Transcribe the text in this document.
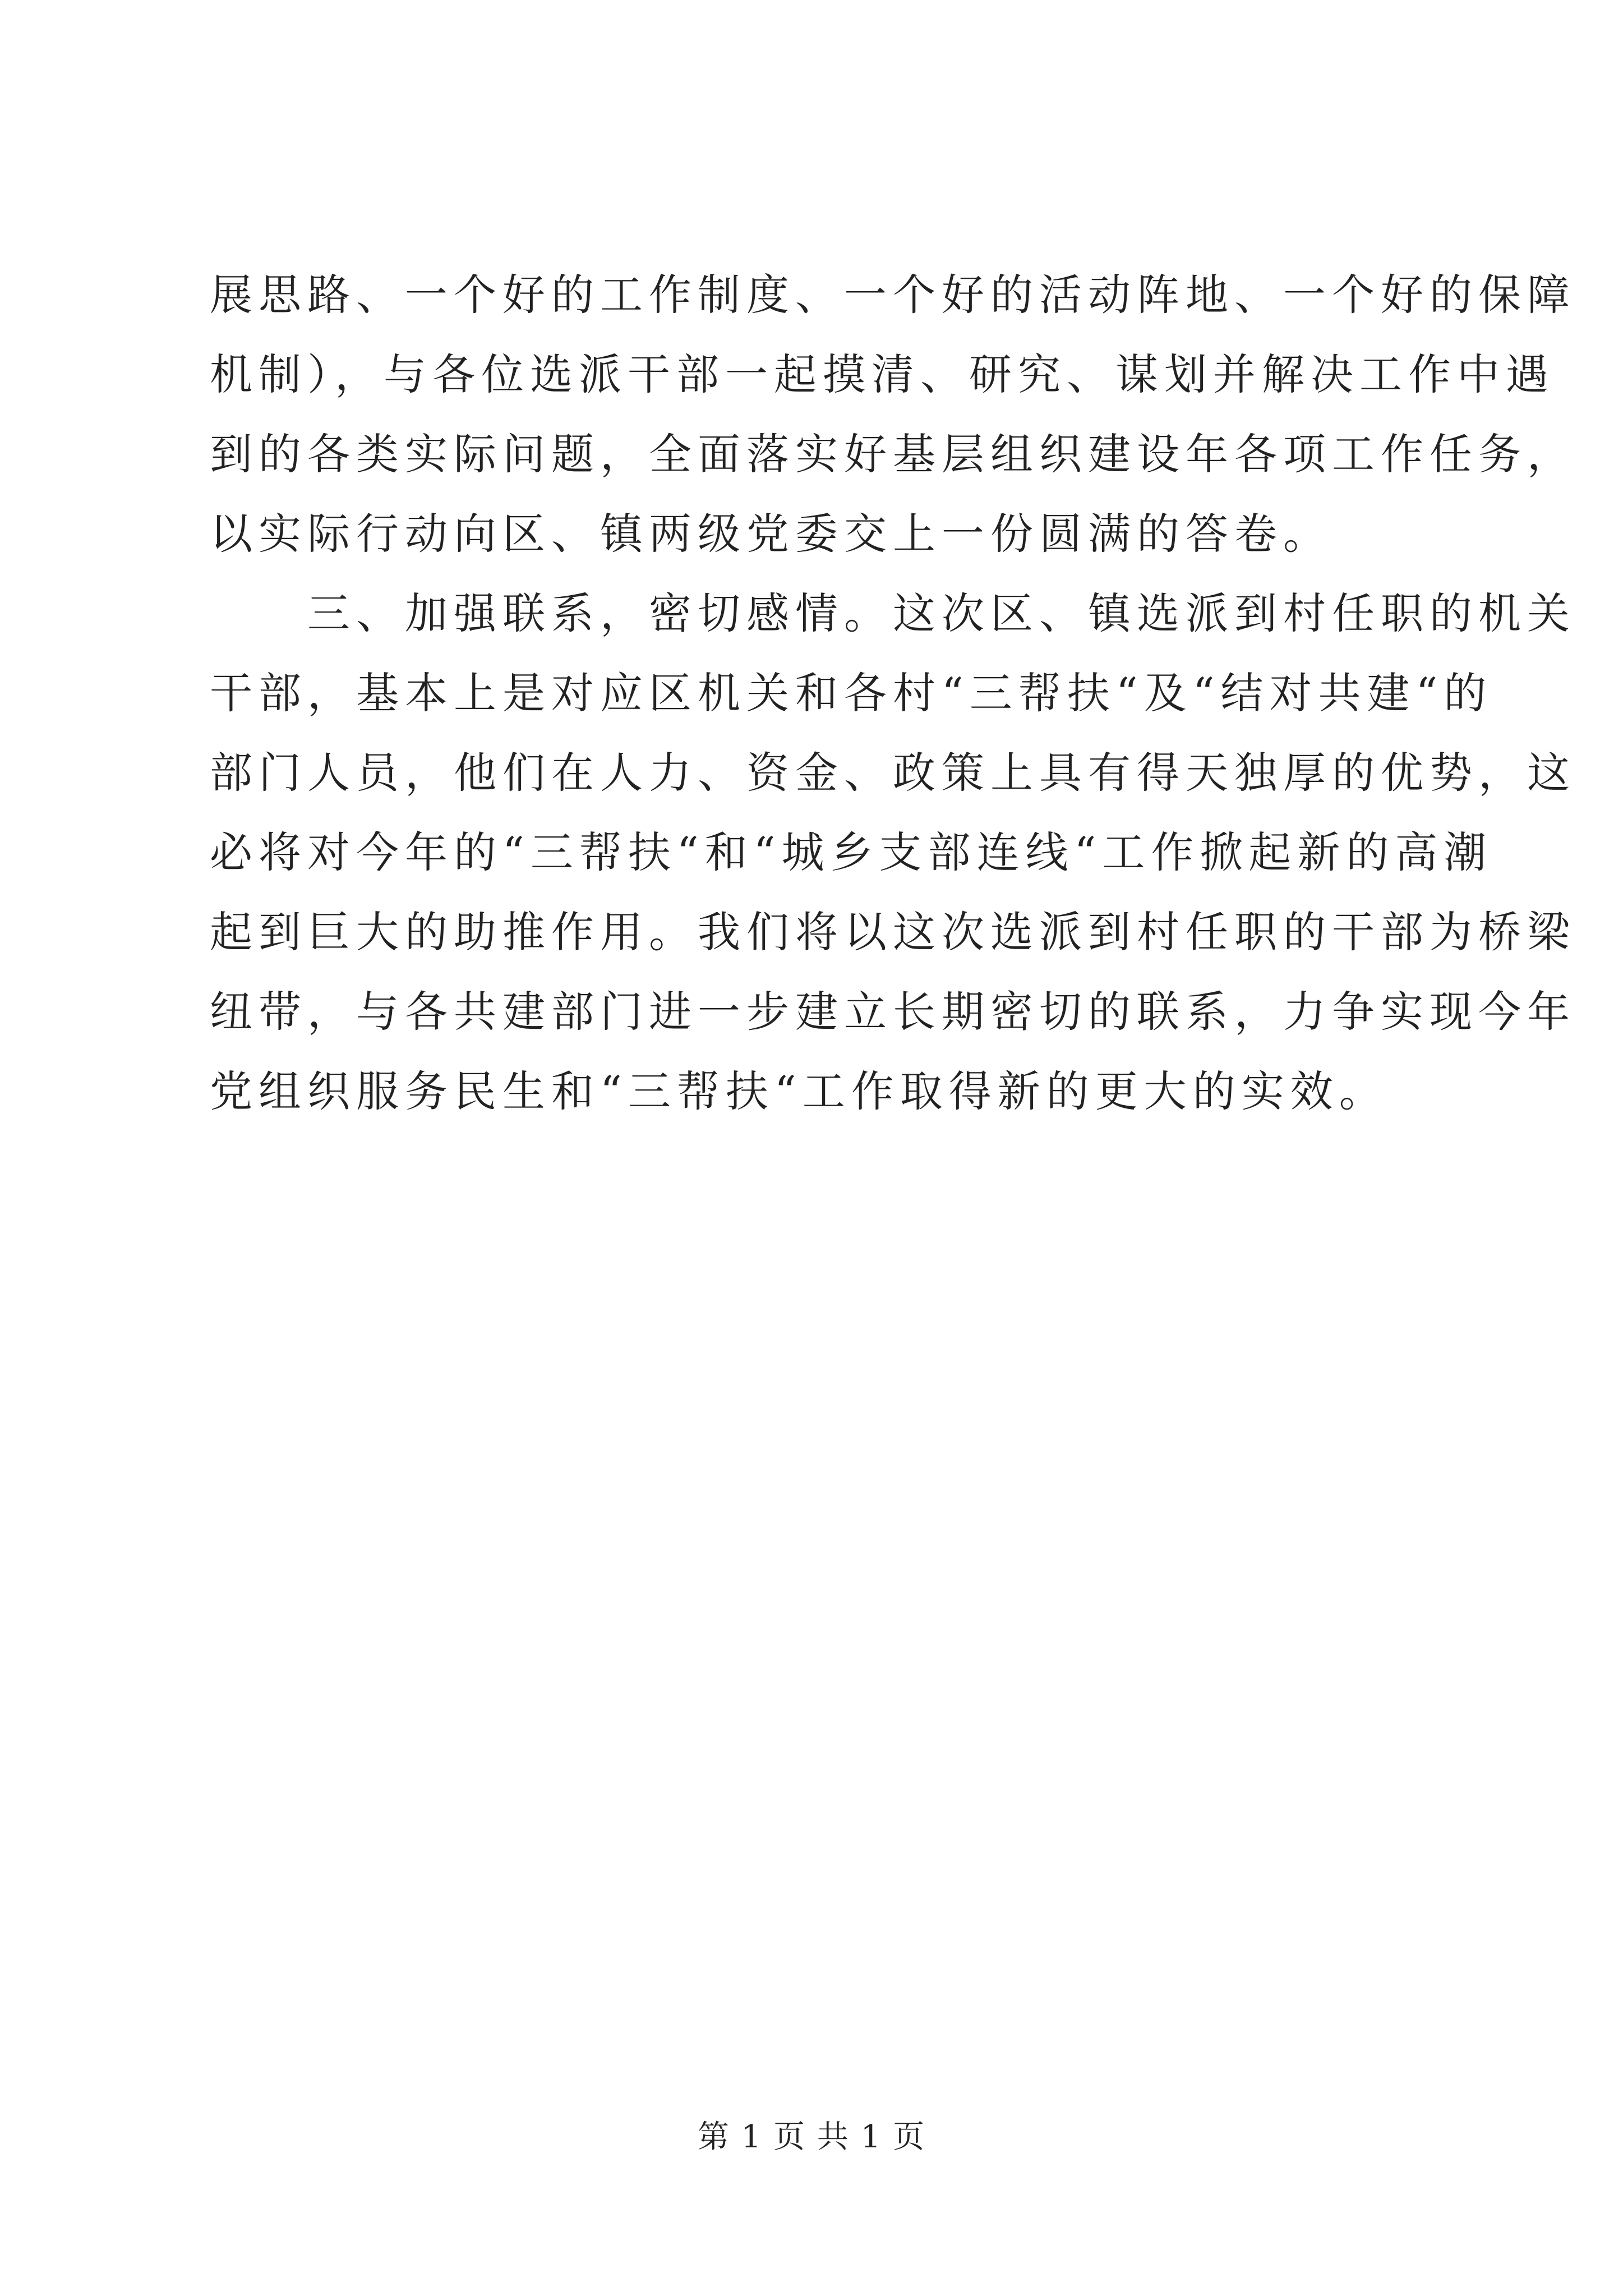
展思路、一个好的工作制度、一个好的活动阵地、一个好的保障
机制），与各位选派干部一起摸清、研究、谋划并解决工作中遇
到的各类实际问题，全面落实好基层组织建设年各项工作任务，
以实际行动向区、镇两级党委交上一份圆满的答卷。
三、加强联系，密切感情。这次区、镇选派到村任职的机关
干部，基本上是对应区机关和各村“三帮扶“及“结对共建“的
部门人员，他们在人力、资金、政策上具有得天独厚的优势，这
必将对今年的“三帮扶“和“城乡支部连线“工作掀起新的高潮
起到巨大的助推作用。我们将以这次选派到村任职的干部为桥梁
纽带，与各共建部门进一步建立长期密切的联系，力争实现今年
党组织服务民生和“三帮扶“工作取得新的更大的实效。
第 1 页 共 1 页
